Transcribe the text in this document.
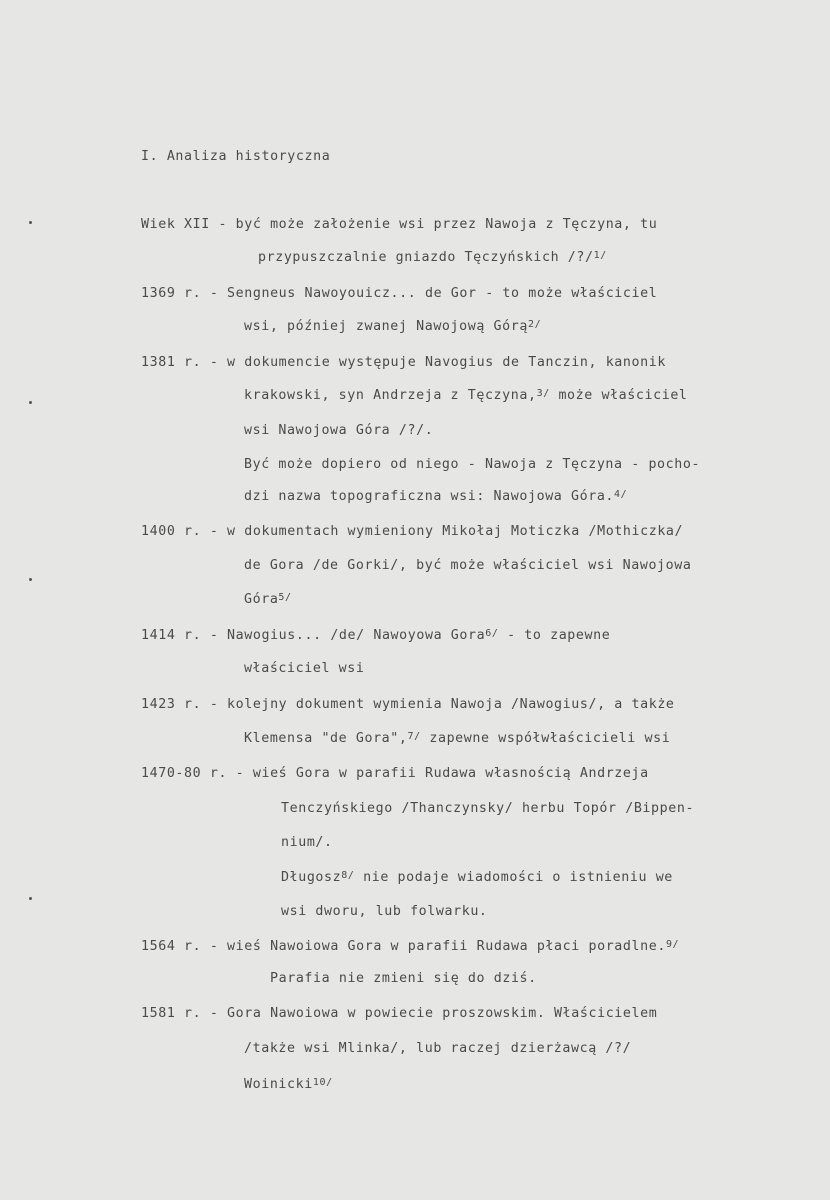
I. Analiza historyczna
Wiek XII - być może założenie wsi przez Nawoja z Tęczyna, tu
przypuszczalnie gniazdo Tęczyńskich /?/$^{1/}$
1369 r. - Sengneus Nawoyouicz... de Gor - to może właściciel
wsi, później zwanej Nawojową Górą$^{2/}$
1381 r. - w dokumencie występuje Navogius de Tanczin, kanonik
krakowski, syn Andrzeja z Tęczyna,$^{3/}$ może właściciel
wsi Nawojowa Góra /?/.
Być może dopiero od niego - Nawoja z Tęczyna - pocho-
dzi nazwa topograficzna wsi: Nawojowa Góra.$^{4/}$
1400 r. - w dokumentach wymieniony Mikołaj Moticzka /Mothiczka/
de Gora /de Gorki/, być może właściciel wsi Nawojowa
Góra$^{5/}$
1414 r. - Nawogius... /de/ Nawoyowa Gora$^{6/}$ - to zapewne
właściciel wsi
1423 r. - kolejny dokument wymienia Nawoja /Nawogius/, a także
Klemensa "de Gora",$^{7/}$ zapewne współwłaścicieli wsi
1470-80 r. - wieś Gora w parafii Rudawa własnością Andrzeja
Tenczyńskiego /Thanczynsky/ herbu Topór /Bippen-
nium/.
Długosz$^{8/}$ nie podaje wiadomości o istnieniu we
wsi dworu, lub folwarku.
1564 r. - wieś Nawoiowa Gora w parafii Rudawa płaci poradlne.$^{9/}$
Parafia nie zmieni się do dziś.
1581 r. - Gora Nawoiowa w powiecie proszowskim. Właścicielem
/także wsi Mlinka/, lub raczej dzierżawcą /?/
Woinicki$^{10/}$
